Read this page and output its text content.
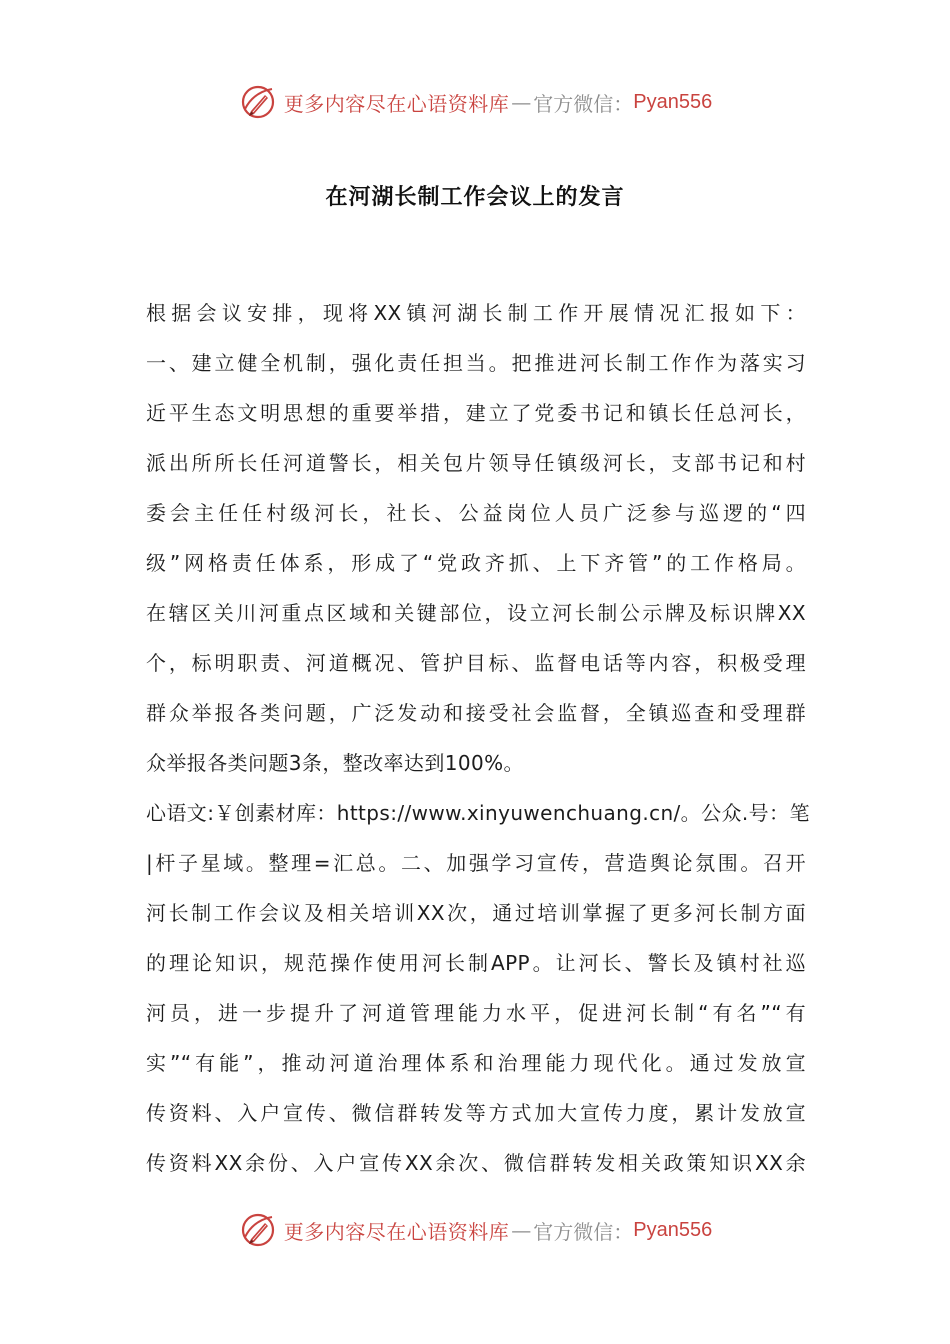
更多内容尽在心语资料库 — 官方微信： Pyan556
在河湖长制工作会议上的发言
根据会议安排，现将XX镇河湖长制工作开展情况汇报如下：
一、建立健全机制，强化责任担当。把推进河长制工作作为落实习
近平生态文明思想的重要举措，建立了党委书记和镇长任总河长，
派出所所长任河道警长，相关包片领导任镇级河长，支部书记和村
委会主任任村级河长，社长、公益岗位人员广泛参与巡逻的“四
级”网格责任体系，形成了“党政齐抓、上下齐管”的工作格局。
在辖区关川河重点区域和关键部位，设立河长制公示牌及标识牌XX
个，标明职责、河道概况、管护目标、监督电话等内容，积极受理
群众举报各类问题，广泛发动和接受社会监督，全镇巡查和受理群
众举报各类问题3条，整改率达到100%。
心语文:￥创素材库：https://www.xinyuwenchuang.cn/。公众.号：笔
|杆子星域。整理=汇总。二、加强学习宣传，营造舆论氛围。召开
河长制工作会议及相关培训XX次，通过培训掌握了更多河长制方面
的理论知识，规范操作使用河长制APP。让河长、警长及镇村社巡
河员，进一步提升了河道管理能力水平，促进河长制“有名”“有
实”“有能”，推动河道治理体系和治理能力现代化。通过发放宣
传资料、入户宣传、微信群转发等方式加大宣传力度，累计发放宣
传资料XX余份、入户宣传XX余次、微信群转发相关政策知识XX余
更多内容尽在心语资料库 — 官方微信： Pyan556
